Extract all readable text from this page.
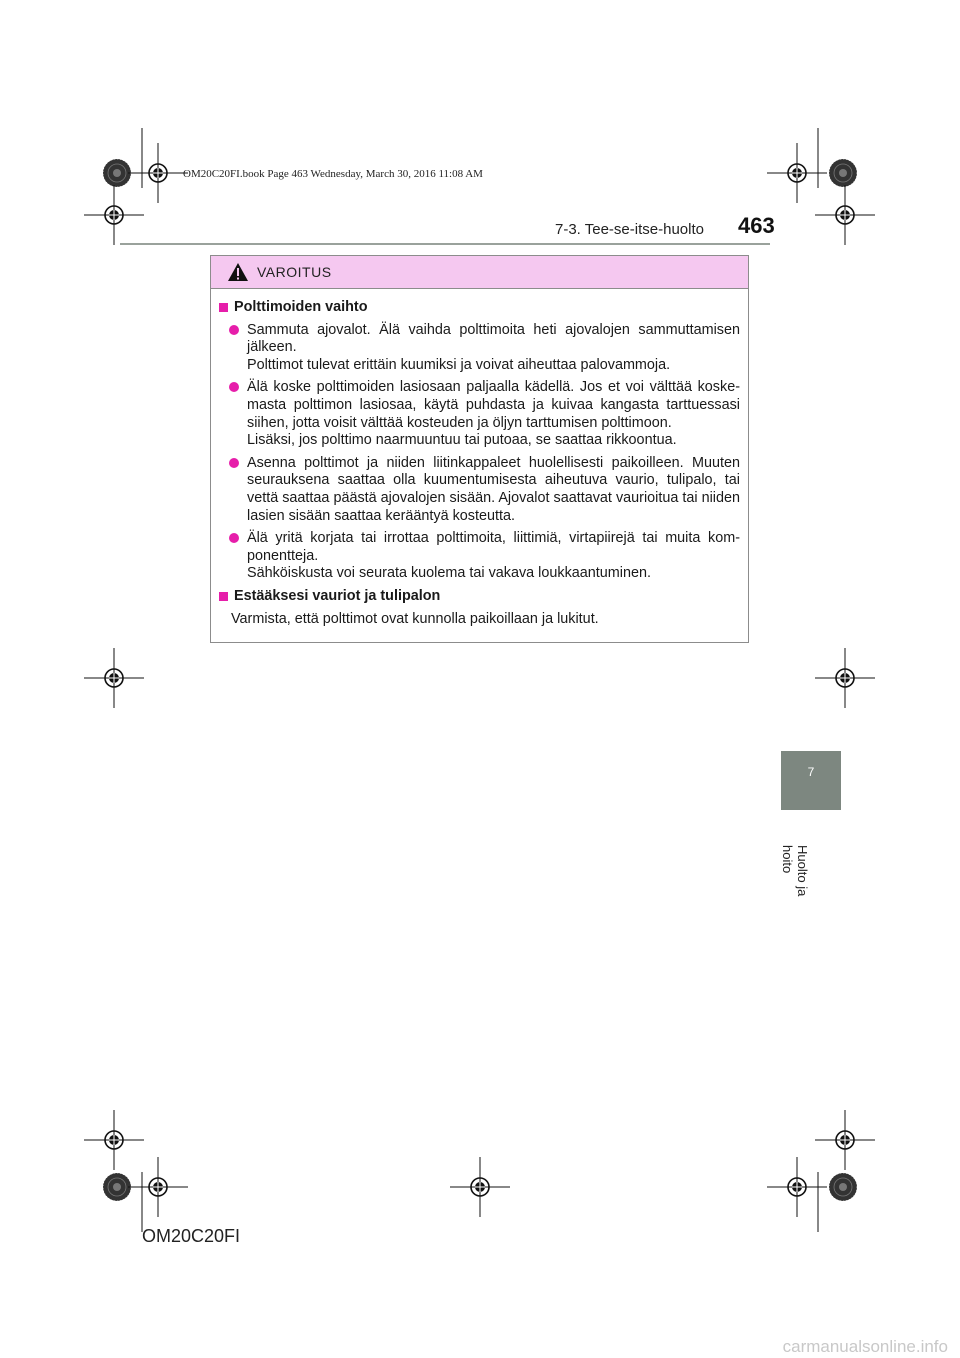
OM20C20FI.book Page 463 Wednesday, March 30, 2016 11:08 AM
7-3. Tee-se-itse-huolto 463
VAROITUS
Polttimoiden vaihto
Sammuta ajovalot. Älä vaihda polttimoita heti ajovalojen sammuttamisen jälkeen.
Polttimot tulevat erittäin kuumiksi ja voivat aiheuttaa palovammoja.
Älä koske polttimoiden lasiosaan paljaalla kädellä. Jos et voi välttää koske-masta polttimon lasiosaa, käytä puhdasta ja kuivaa kangasta tarttuessasi siihen, jotta voisit välttää kosteuden ja öljyn tarttumisen polttimoon.
Lisäksi, jos polttimo naarmuuntuu tai putoaa, se saattaa rikkoontua.
Asenna polttimot ja niiden liitinkappaleet huolellisesti paikoilleen. Muuten seurauksena saattaa olla kuumentumisesta aiheutuva vaurio, tulipalo, tai vettä saattaa päästä ajovalojen sisään. Ajovalot saattavat vaurioitua tai niiden lasien sisään saattaa kerääntyä kosteutta.
Älä yritä korjata tai irrottaa polttimoita, liittimiä, virtapiirejä tai muita kom-ponentteja.
Sähköiskusta voi seurata kuolema tai vakava loukkaantuminen.
Estääksesi vauriot ja tulipalon
Varmista, että polttimot ovat kunnolla paikoillaan ja lukitut.
7
Huolto ja hoito
OM20C20FI
carmanualsonline.info
